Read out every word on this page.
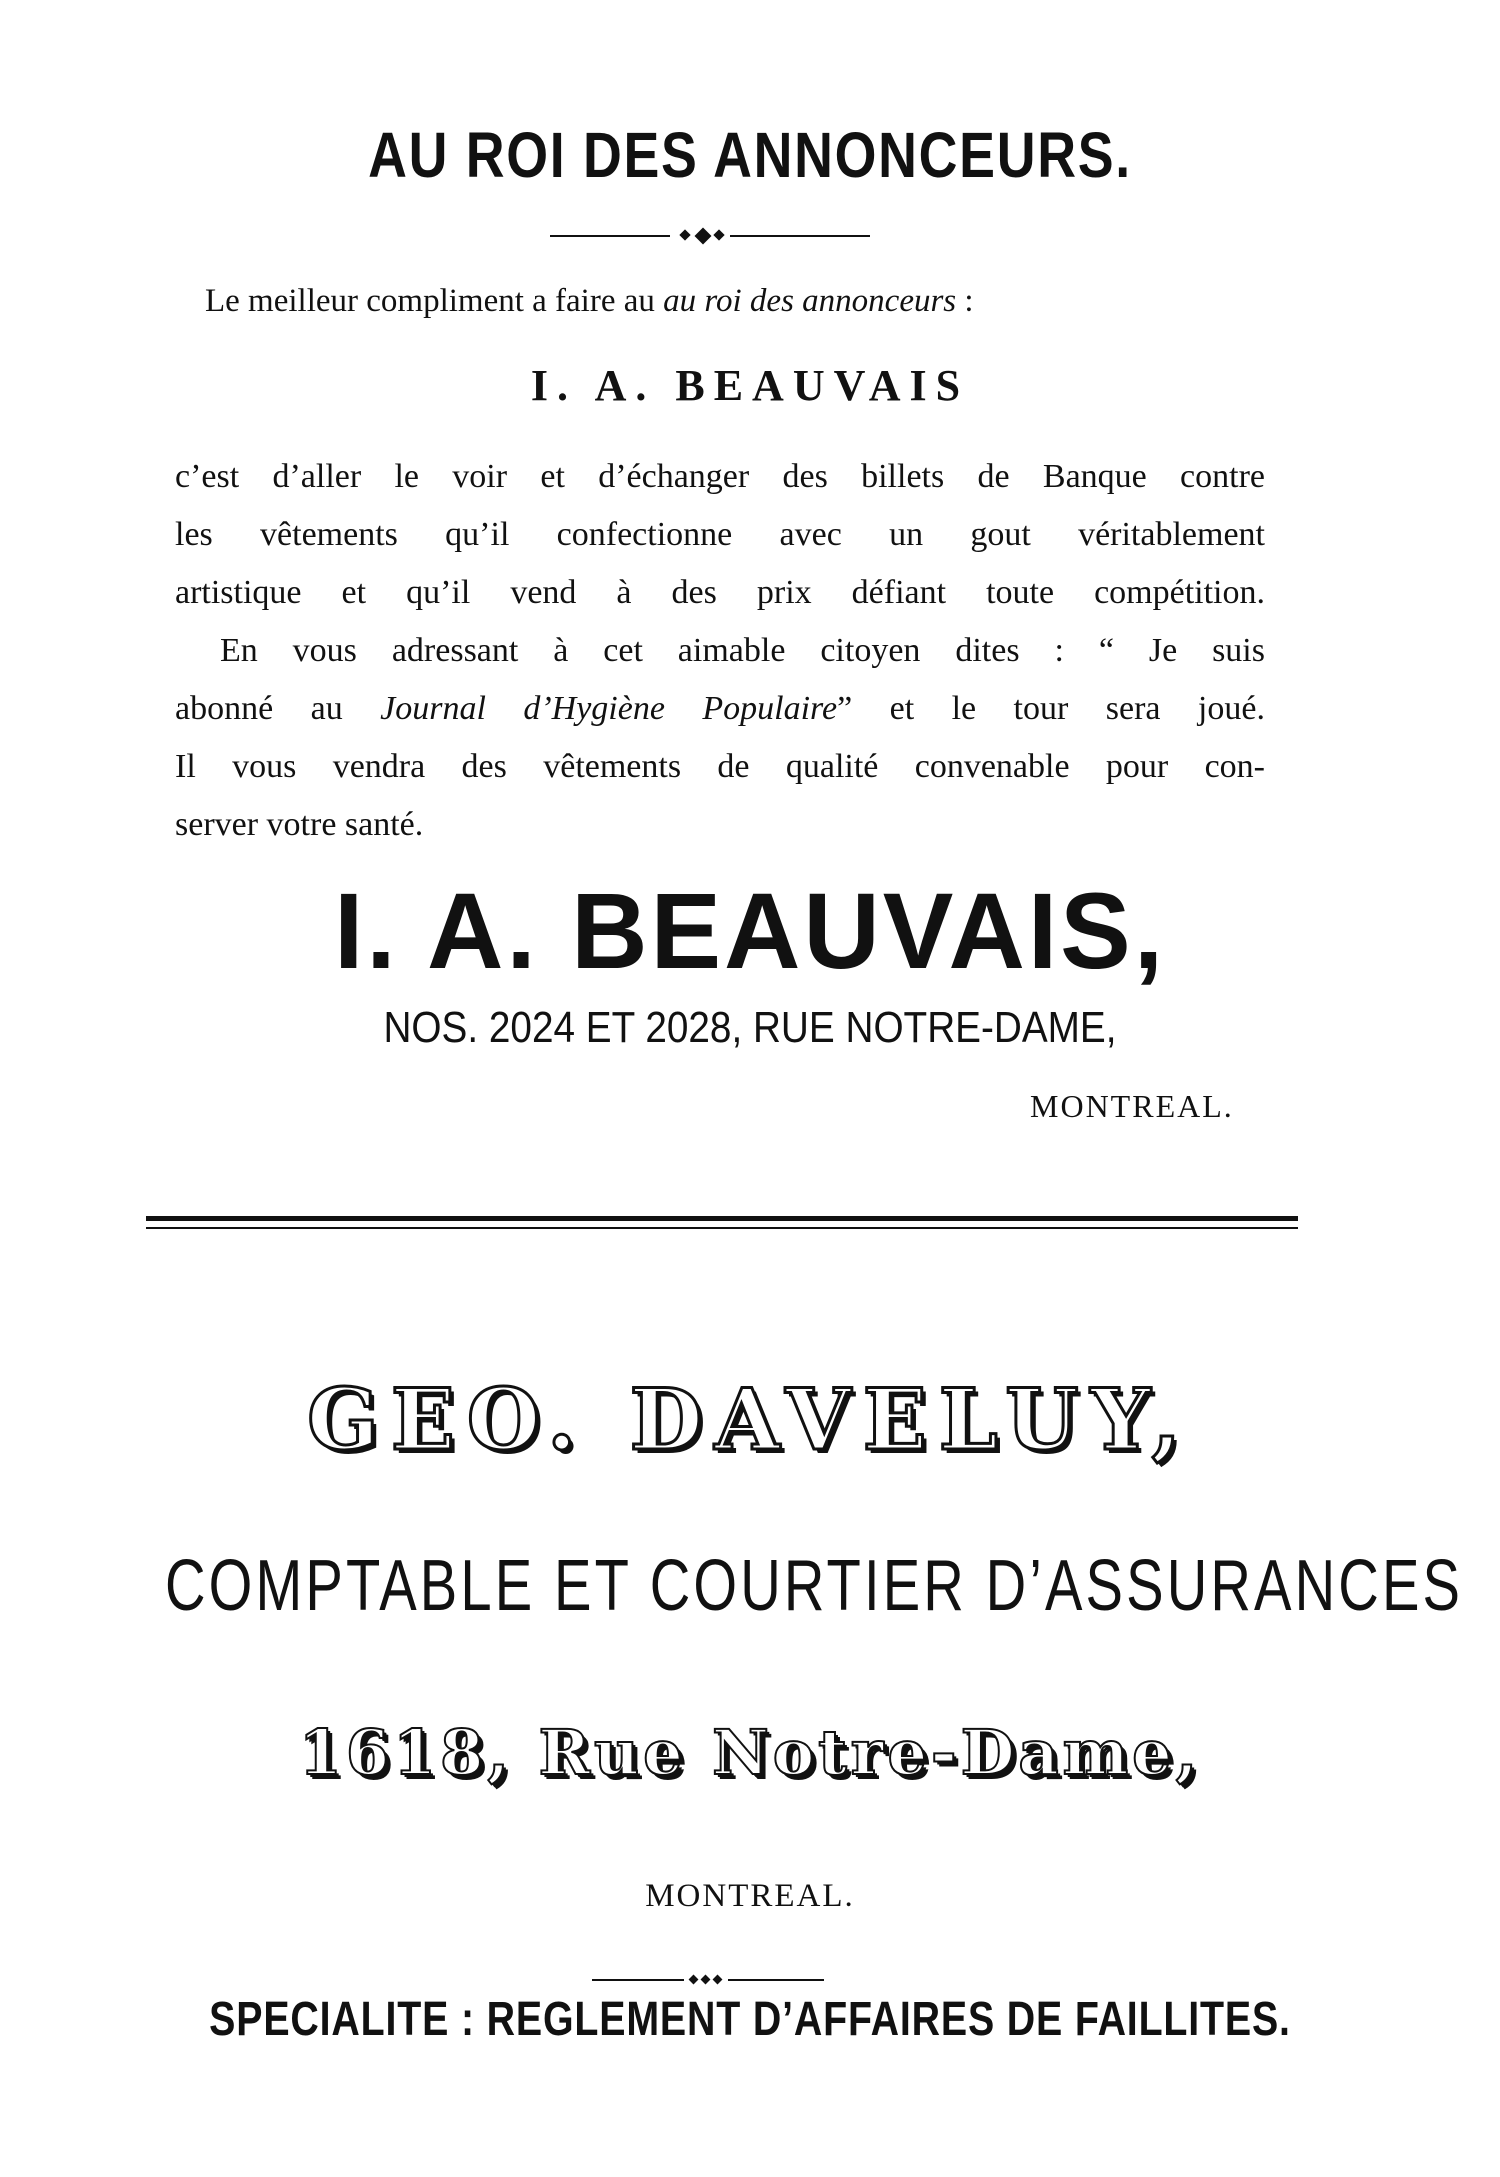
AU ROI DES ANNONCEURS.
Le meilleur compliment a faire au au roi des annonceurs :
I. A. BEAUVAIS
c’est d’aller le voir et d’échanger des billets de Banque contre
les vêtements qu’il confectionne avec un gout véritablement
artistique et qu’il vend à des prix défiant toute compétition.
En vous adressant à cet aimable citoyen dites : “ Je suis
abonné au Journal d’Hygiène Populaire” et le tour sera joué.
Il vous vendra des vêtements de qualité convenable pour con-
server votre santé.
I. A. BEAUVAIS,
NOS. 2024 ET 2028, RUE NOTRE-DAME,
MONTREAL.
GEO. DAVELUY,
COMPTABLE ET COURTIER D’ASSURANCES
1618, Rue Notre-Dame,
MONTREAL.
SPECIALITE : REGLEMENT D’AFFAIRES DE FAILLITES.
